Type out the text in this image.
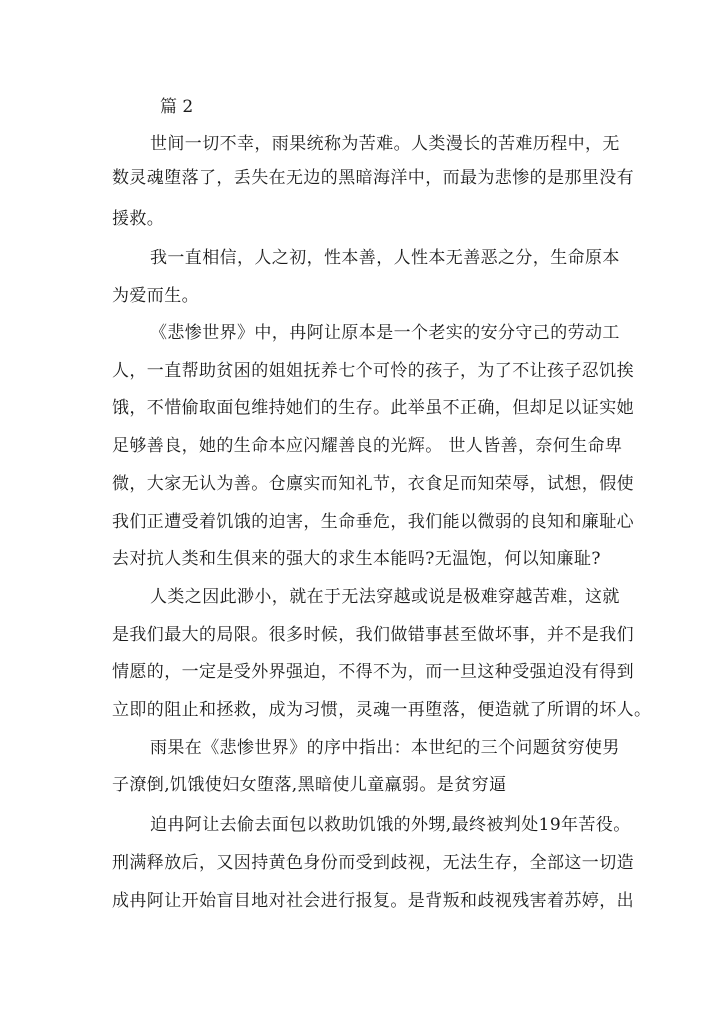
篇 2
世间一切不幸，雨果统称为苦难。人类漫长的苦难历程中，无
数灵魂堕落了，丢失在无边的黑暗海洋中，而最为悲惨的是那里没有
援救。
我一直相信，人之初，性本善，人性本无善恶之分，生命原本
为爱而生。
《悲惨世界》中，冉阿让原本是一个老实的安分守己的劳动工
人，一直帮助贫困的姐姐抚养七个可怜的孩子，为了不让孩子忍饥挨
饿，不惜偷取面包维持她们的生存。此举虽不正确，但却足以证实她
足够善良，她的生命本应闪耀善良的光辉。 世人皆善，奈何生命卑
微，大家无认为善。仓廪实而知礼节，衣食足而知荣辱，试想，假使
我们正遭受着饥饿的迫害，生命垂危，我们能以微弱的良知和廉耻心
去对抗人类和生俱来的强大的求生本能吗?无温饱，何以知廉耻?
人类之因此渺小，就在于无法穿越或说是极难穿越苦难，这就
是我们最大的局限。很多时候，我们做错事甚至做坏事，并不是我们
情愿的，一定是受外界强迫，不得不为，而一旦这种受强迫没有得到
立即的阻止和拯救，成为习惯，灵魂一再堕落，便造就了所谓的坏人。
雨果在《悲惨世界》的序中指出：本世纪的三个问题贫穷使男
子潦倒,饥饿使妇女堕落,黑暗使儿童羸弱。是贫穷逼
迫冉阿让去偷去面包以救助饥饿的外甥,最终被判处19年苦役。
刑满释放后，又因持黄色身份而受到歧视，无法生存，全部这一切造
成冉阿让开始盲目地对社会进行报复。是背叛和歧视残害着苏婷，出
